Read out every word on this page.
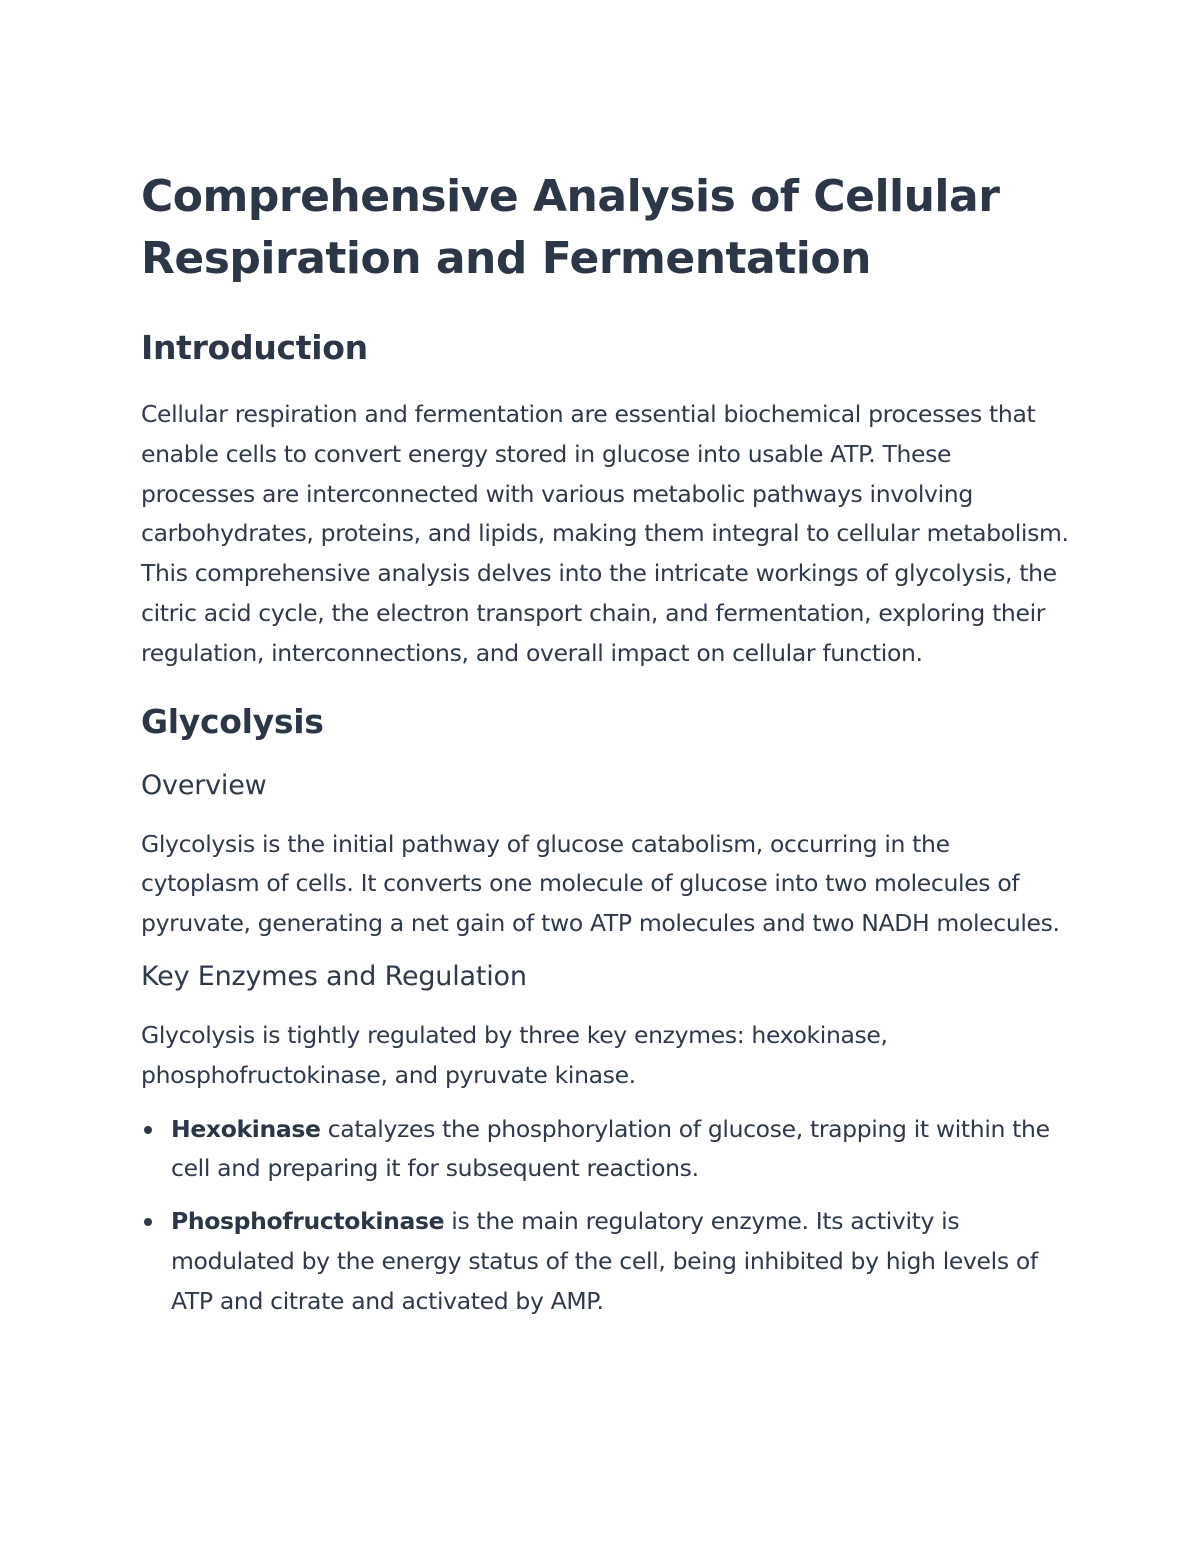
Comprehensive Analysis of Cellular Respiration and Fermentation
Introduction

Cellular respiration and fermentation are essential biochemical processes that enable cells to convert energy stored in glucose into usable ATP. These processes are interconnected with various metabolic pathways involving carbohydrates, proteins, and lipids, making them integral to cellular metabolism. This comprehensive analysis delves into the intricate workings of glycolysis, the citric acid cycle, the electron transport chain, and fermentation, exploring their regulation, interconnections, and overall impact on cellular function.

Glycolysis
Overview

Glycolysis is the initial pathway of glucose catabolism, occurring in the cytoplasm of cells. It converts one molecule of glucose into two molecules of pyruvate, generating a net gain of two ATP molecules and two NADH molecules.

Key Enzymes and Regulation

Glycolysis is tightly regulated by three key enzymes: hexokinase, phosphofructokinase, and pyruvate kinase.

Hexokinase catalyzes the phosphorylation of glucose, trapping it within the cell and preparing it for subsequent reactions.
Phosphofructokinase is the main regulatory enzyme. Its activity is modulated by the energy status of the cell, being inhibited by high levels of ATP and citrate and activated by AMP.
